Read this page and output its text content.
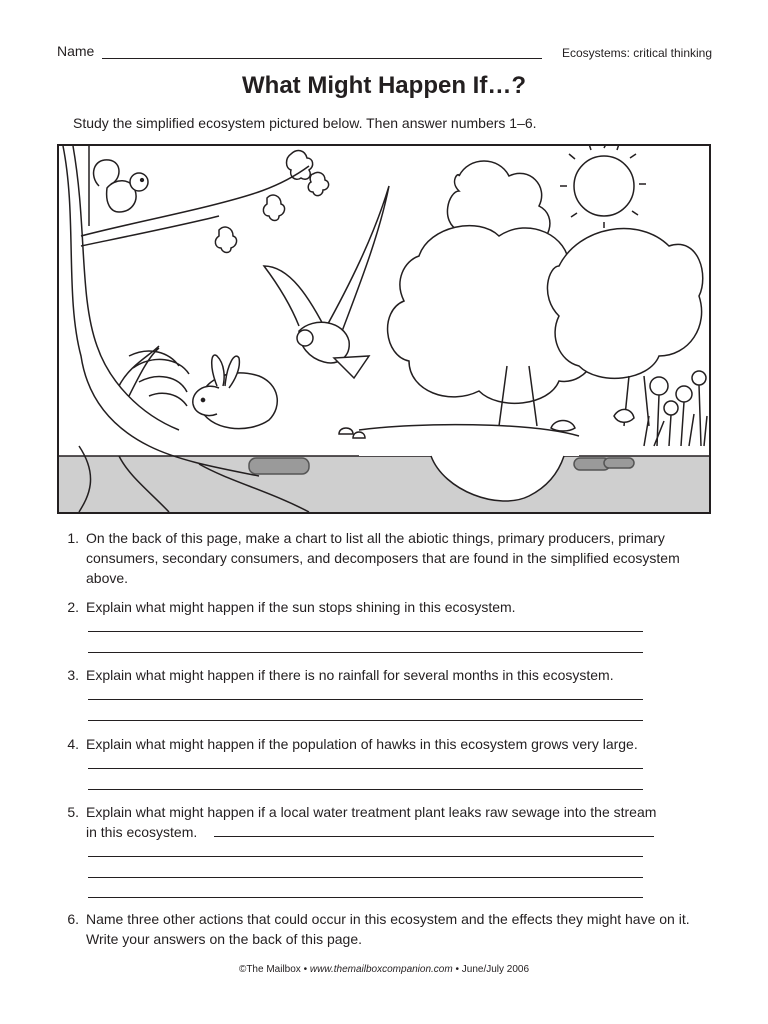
Name	Ecosystems: critical thinking
What Might Happen If…?
Study the simplified ecosystem pictured below. Then answer numbers 1–6.
1. On the back of this page, make a chart to list all the abiotic things, primary producers, primary consumers, secondary consumers, and decomposers that are found in the simplified ecosystem above.
2. Explain what might happen if the sun stops shining in this ecosystem.
3. Explain what might happen if there is no rainfall for several months in this ecosystem.
4. Explain what might happen if the population of hawks in this ecosystem grows very large.
5. Explain what might happen if a local water treatment plant leaks raw sewage into the stream
in this ecosystem.
6. Name three other actions that could occur in this ecosystem and the effects they might have on it. Write your answers on the back of this page.
©The Mailbox • www.themailboxcompanion.com • June/July 2006
